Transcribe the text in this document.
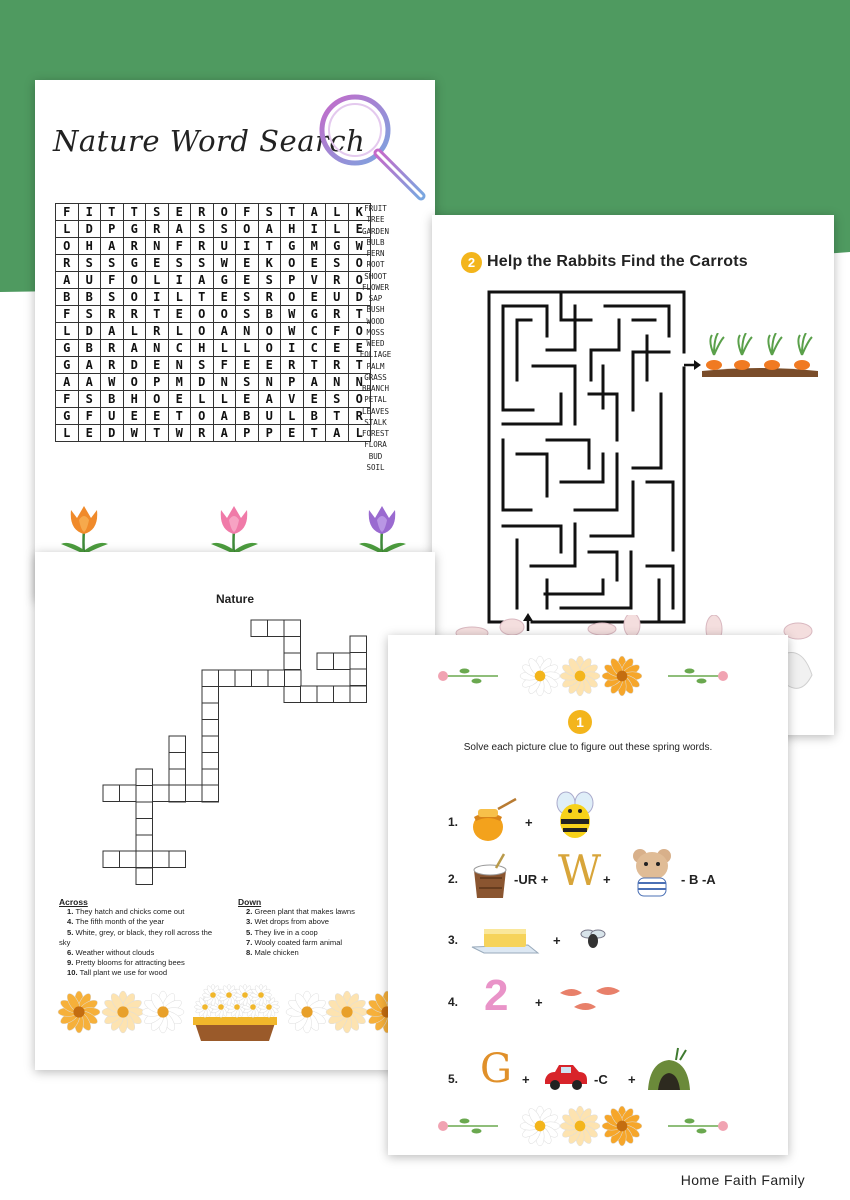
Nature Word Search
F	I	T	T	S	E	R	O	F	S	T	A	L	K
L	D	P	G	R	A	S	S	O	A	H	I	L	E
O	H	A	R	N	F	R	U	I	T	G	M	G	W
R	S	S	G	E	S	S	W	E	K	O	E	S	O
A	U	F	O	L	I	A	G	E	S	P	V	R	O
B	B	S	O	I	L	T	E	S	R	O	E	U	D
F	S	R	R	T	E	O	O	S	B	W	G	R	T
L	D	A	L	R	L	O	A	N	O	W	C	F	O
G	B	R	A	N	C	H	L	L	O	I	C	E	E
G	A	R	D	E	N	S	F	E	E	R	T	R	T
A	A	W	O	P	M	D	N	S	N	P	A	N	N
F	S	B	H	O	E	L	L	E	A	V	E	S	O
G	F	U	E	E	T	O	A	B	U	L	B	T	R
L	E	D	W	T	W	R	A	P	P	E	T	A	L
FRUIT
TREE
GARDEN
BULB
FERN
ROOT
SHOOT
FLOWER
SAP
BUSH
WOOD
MOSS
WEED
FOLIAGE
PALM
GRASS
BRANCH
PETAL
LEAVES
STALK
FOREST
FLORA
BUD
SOIL
2 Help the Rabbits Find the Carrots
Nature
Across
1. They hatch and chicks come out
4. The fifth month of the year
5. White, grey, or black, they roll across the
sky
6. Weather without clouds
9. Pretty blooms for attracting bees
10. Tall plant we use for wood
Down
2. Green plant that makes lawns
3. Wet drops from above
5. They live in a coop
7. Wooly coated farm animal
8. Male chicken
1
Solve each picture clue to figure out these spring words.
1.	+
2.	-UR + W +	- B -A
3.	+
4. 2 +
5. G +	-C +
Home Faith Family
